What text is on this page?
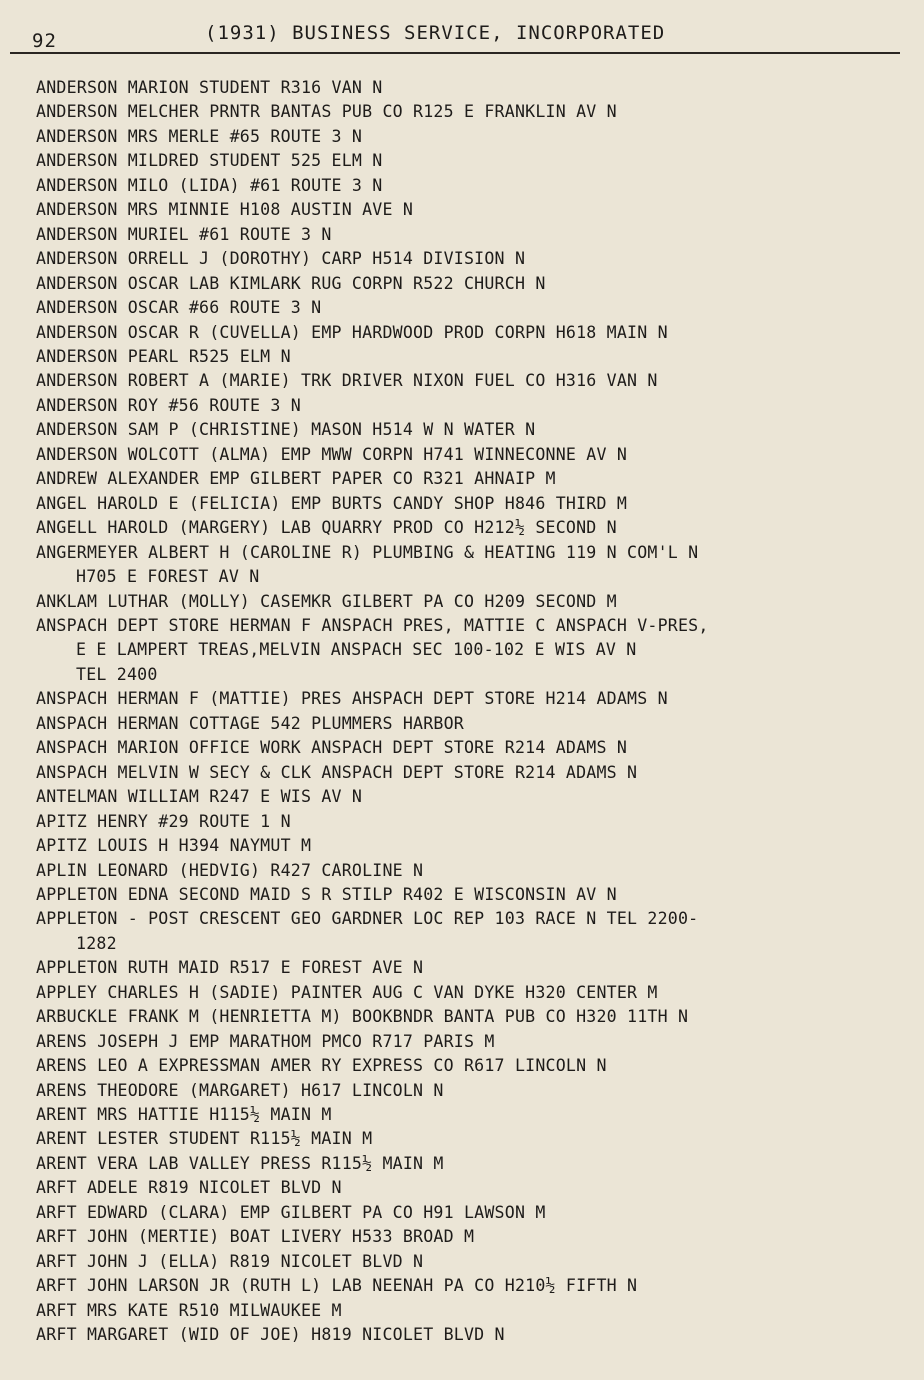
92	(1931) BUSINESS SERVICE, INCORPORATED
ANDERSON MARION STUDENT R316 VAN N
ANDERSON MELCHER PRNTR BANTAS PUB CO R125 E FRANKLIN AV N
ANDERSON MRS MERLE #65 ROUTE 3 N
ANDERSON MILDRED STUDENT 525 ELM N
ANDERSON MILO (LIDA) #61 ROUTE 3 N
ANDERSON MRS MINNIE H108 AUSTIN AVE N
ANDERSON MURIEL #61 ROUTE 3 N
ANDERSON ORRELL J (DOROTHY) CARP H514 DIVISION N
ANDERSON OSCAR LAB KIMLARK RUG CORPN R522 CHURCH N
ANDERSON OSCAR #66 ROUTE 3 N
ANDERSON OSCAR R (CUVELLA) EMP HARDWOOD PROD CORPN H618 MAIN N
ANDERSON PEARL R525 ELM N
ANDERSON ROBERT A (MARIE) TRK DRIVER NIXON FUEL CO H316 VAN N
ANDERSON ROY #56 ROUTE 3 N
ANDERSON SAM P (CHRISTINE) MASON H514 W N WATER N
ANDERSON WOLCOTT (ALMA) EMP MWW CORPN H741 WINNECONNE AV N
ANDREW ALEXANDER EMP GILBERT PAPER CO R321 AHNAIP M
ANGEL HAROLD E (FELICIA) EMP BURTS CANDY SHOP H846 THIRD M
ANGELL HAROLD (MARGERY) LAB QUARRY PROD CO H212½ SECOND N
ANGERMEYER ALBERT H (CAROLINE R) PLUMBING & HEATING 119 N COM'L N
H705 E FOREST AV N
ANKLAM LUTHAR (MOLLY) CASEMKR GILBERT PA CO H209 SECOND M
ANSPACH DEPT STORE HERMAN F ANSPACH PRES, MATTIE C ANSPACH V-PRES,
E E LAMPERT TREAS,MELVIN ANSPACH SEC 100-102 E WIS AV N
TEL 2400
ANSPACH HERMAN F (MATTIE) PRES AHSPACH DEPT STORE H214 ADAMS N
ANSPACH HERMAN COTTAGE 542 PLUMMERS HARBOR
ANSPACH MARION OFFICE WORK ANSPACH DEPT STORE R214 ADAMS N
ANSPACH MELVIN W SECY & CLK ANSPACH DEPT STORE R214 ADAMS N
ANTELMAN WILLIAM R247 E WIS AV N
APITZ HENRY #29 ROUTE 1 N
APITZ LOUIS H H394 NAYMUT M
APLIN LEONARD (HEDVIG) R427 CAROLINE N
APPLETON EDNA SECOND MAID S R STILP R402 E WISCONSIN AV N
APPLETON - POST CRESCENT GEO GARDNER LOC REP 103 RACE N TEL 2200-
1282
APPLETON RUTH MAID R517 E FOREST AVE N
APPLEY CHARLES H (SADIE) PAINTER AUG C VAN DYKE H320 CENTER M
ARBUCKLE FRANK M (HENRIETTA M) BOOKBNDR BANTA PUB CO H320 11TH N
ARENS JOSEPH J EMP MARATHOM PMCO R717 PARIS M
ARENS LEO A EXPRESSMAN AMER RY EXPRESS CO R617 LINCOLN N
ARENS THEODORE (MARGARET) H617 LINCOLN N
ARENT MRS HATTIE H115½ MAIN M
ARENT LESTER STUDENT R115½ MAIN M
ARENT VERA LAB VALLEY PRESS R115½ MAIN M
ARFT ADELE R819 NICOLET BLVD N
ARFT EDWARD (CLARA) EMP GILBERT PA CO H91 LAWSON M
ARFT JOHN (MERTIE) BOAT LIVERY H533 BROAD M
ARFT JOHN J (ELLA) R819 NICOLET BLVD N
ARFT JOHN LARSON JR (RUTH L) LAB NEENAH PA CO H210½ FIFTH N
ARFT MRS KATE R510 MILWAUKEE M
ARFT MARGARET (WID OF JOE) H819 NICOLET BLVD N
